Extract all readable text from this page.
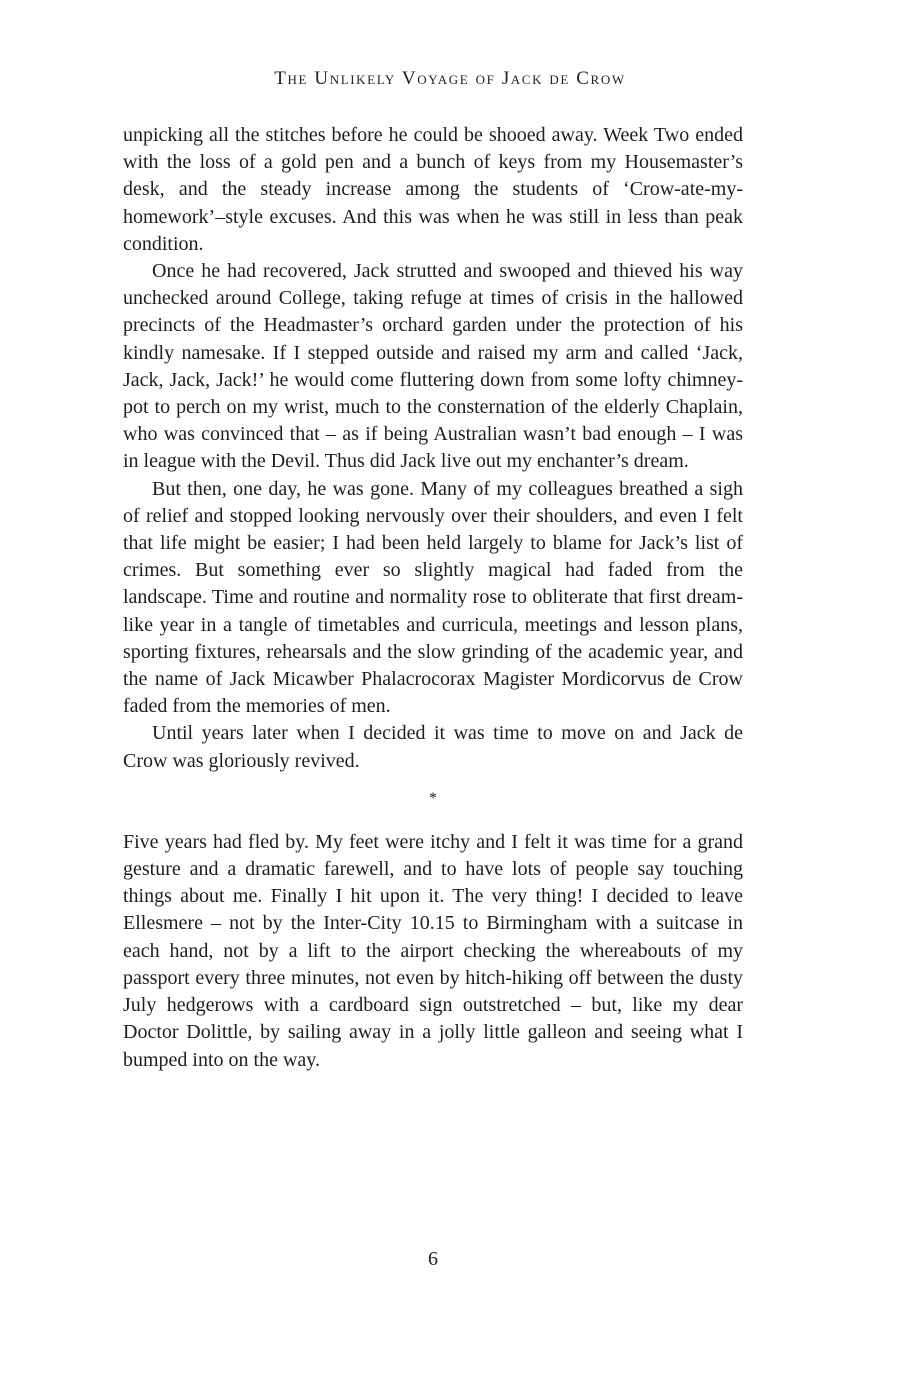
The Unlikely Voyage of Jack de Crow

unpicking all the stitches before he could be shooed away. Week Two ended with the loss of a gold pen and a bunch of keys from my Housemaster’s desk, and the steady increase among the students of ‘Crow-ate-my-homework’–style excuses. And this was when he was still in less than peak condition.

Once he had recovered, Jack strutted and swooped and thieved his way unchecked around College, taking refuge at times of crisis in the hallowed precincts of the Headmaster’s orchard garden under the protection of his kindly namesake. If I stepped outside and raised my arm and called ‘Jack, Jack, Jack, Jack!’ he would come fluttering down from some lofty chimney-pot to perch on my wrist, much to the consternation of the elderly Chaplain, who was convinced that – as if being Australian wasn’t bad enough – I was in league with the Devil. Thus did Jack live out my enchanter’s dream.

But then, one day, he was gone. Many of my colleagues breathed a sigh of relief and stopped looking nervously over their shoulders, and even I felt that life might be easier; I had been held largely to blame for Jack’s list of crimes. But something ever so slightly magical had faded from the landscape. Time and routine and normality rose to obliterate that first dream-like year in a tangle of timetables and curricula, meetings and lesson plans, sporting fixtures, rehearsals and the slow grinding of the academic year, and the name of Jack Micawber Phalacrocorax Magister Mordicorvus de Crow faded from the memories of men.

Until years later when I decided it was time to move on and Jack de Crow was gloriously revived.

*

Five years had fled by. My feet were itchy and I felt it was time for a grand gesture and a dramatic farewell, and to have lots of people say touching things about me. Finally I hit upon it. The very thing! I decided to leave Ellesmere – not by the Inter-City 10.15 to Birmingham with a suitcase in each hand, not by a lift to the airport checking the whereabouts of my passport every three minutes, not even by hitch-hiking off between the dusty July hedgerows with a cardboard sign outstretched – but, like my dear Doctor Dolittle, by sailing away in a jolly little galleon and seeing what I bumped into on the way.

6
